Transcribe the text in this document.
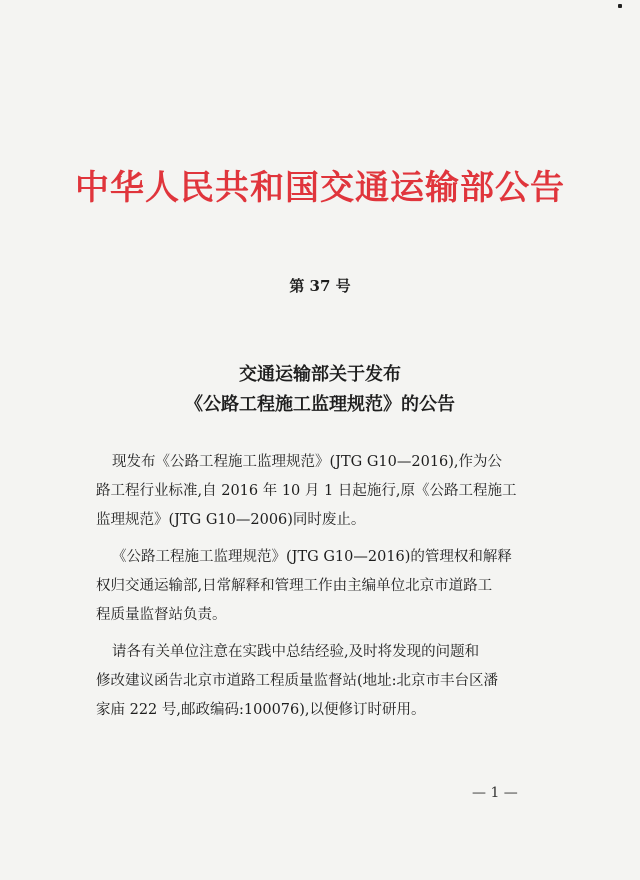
中华人民共和国交通运输部公告
第 37 号
交通运输部关于发布
《公路工程施工监理规范》的公告

现发布《公路工程施工监理规范》(JTG G10—2016),作为公
路工程行业标准,自 2016 年 10 月 1 日起施行,原《公路工程施工
监理规范》(JTG G10—2006)同时废止。

《公路工程施工监理规范》(JTG G10—2016)的管理权和解释
权归交通运输部,日常解释和管理工作由主编单位北京市道路工
程质量监督站负责。

请各有关单位注意在实践中总结经验,及时将发现的问题和
修改建议函告北京市道路工程质量监督站(地址:北京市丰台区潘
家庙 222 号,邮政编码:100076),以便修订时研用。

— 1 —
